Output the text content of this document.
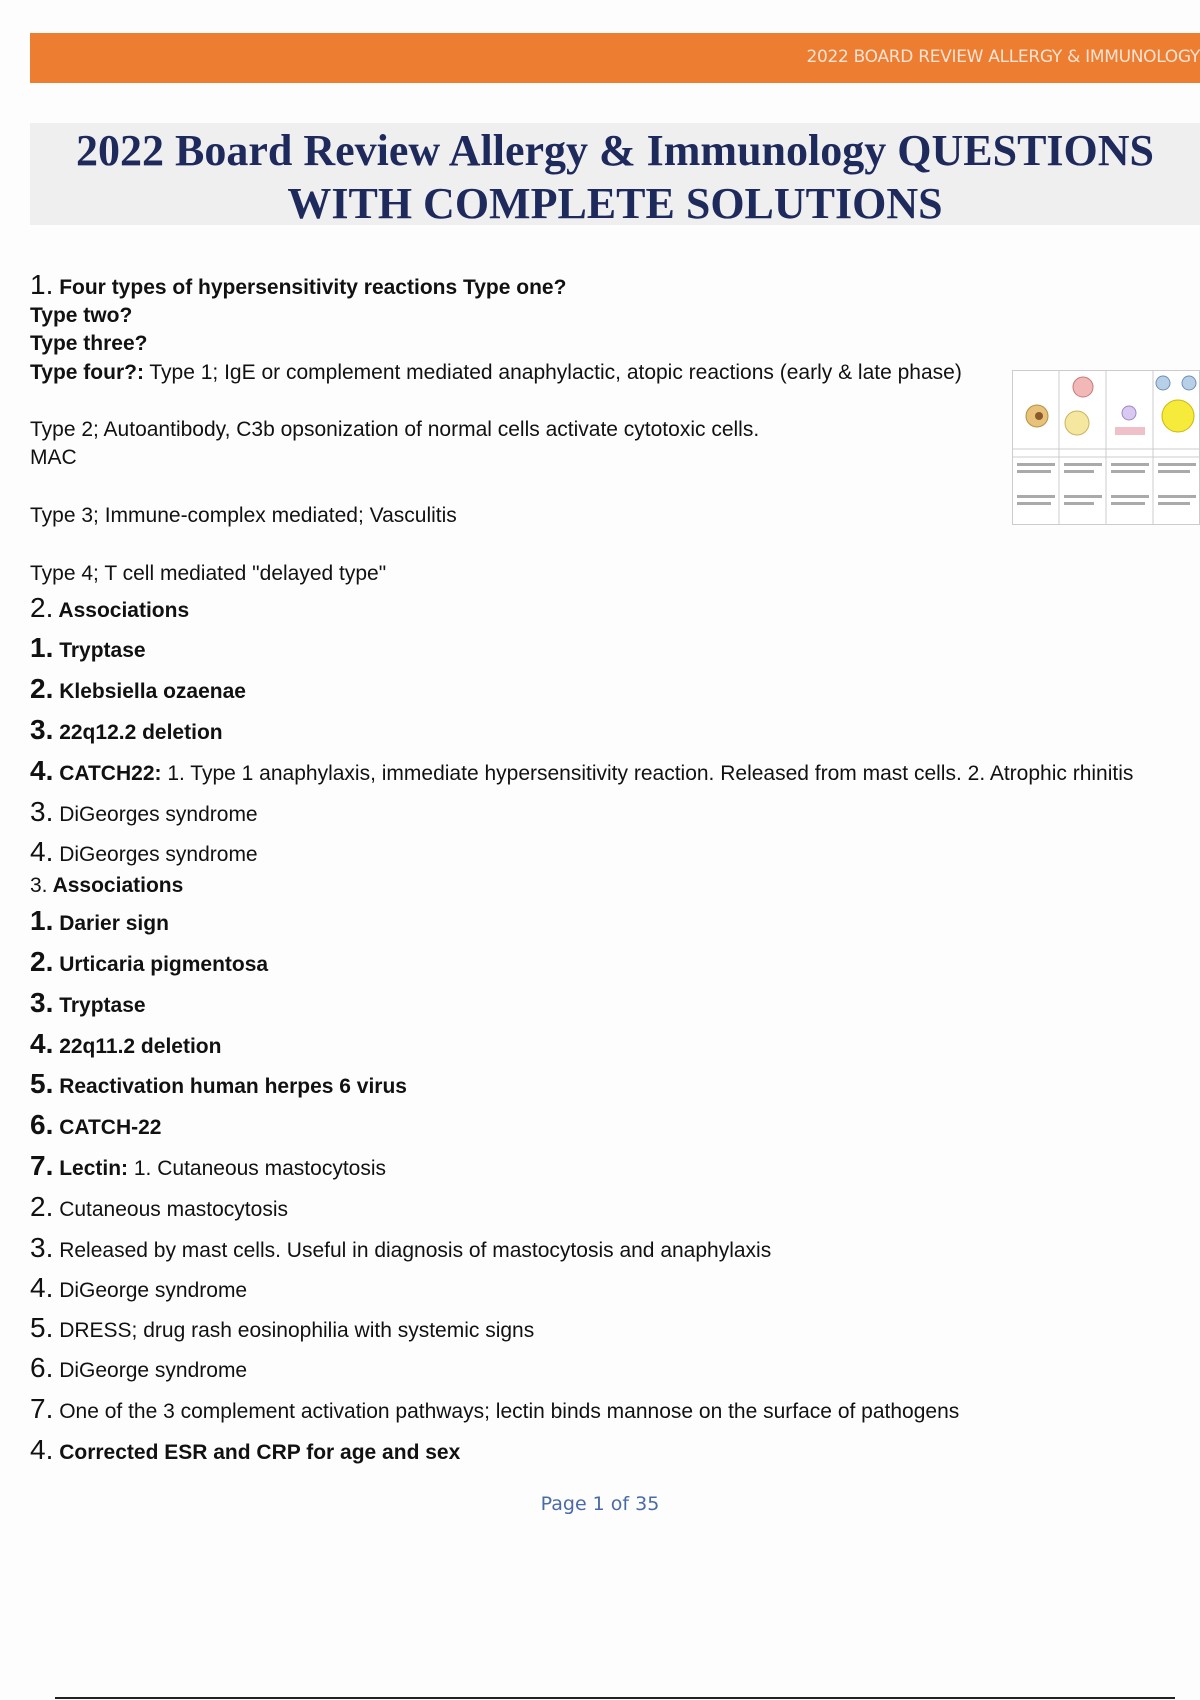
2022 BOARD REVIEW ALLERGY & IMMUNOLOGY

2022 Board Review Allergy & Immunology QUESTIONS

WITH COMPLETE SOLUTIONS

1. Four types of hypersensitivity reactions Type one?

Type two?

Type three?

Type four?: Type 1; IgE or complement mediated anaphylactic, atopic reactions (early & late phase)

Type 2; Autoantibody, C3b opsonization of normal cells activate cytotoxic cells.

MAC

Type 3; Immune-complex mediated; Vasculitis

Type 4; T cell mediated "delayed type"

2. Associations

1. Tryptase

2. Klebsiella ozaenae

3. 22q12.2 deletion

4. CATCH22: 1. Type 1 anaphylaxis, immediate hypersensitivity reaction. Released from mast cells. 2. Atrophic rhinitis

3. DiGeorges syndrome

4. DiGeorges syndrome

3. Associations

1. Darier sign

2. Urticaria pigmentosa

3. Tryptase

4. 22q11.2 deletion

5. Reactivation human herpes 6 virus

6. CATCH-22

7. Lectin: 1. Cutaneous mastocytosis

2. Cutaneous mastocytosis

3. Released by mast cells. Useful in diagnosis of mastocytosis and anaphylaxis

4. DiGeorge syndrome

5. DRESS; drug rash eosinophilia with systemic signs

6. DiGeorge syndrome

7. One of the 3 complement activation pathways; lectin binds mannose on the surface of pathogens

4. Corrected ESR and CRP for age and sex

Page 1 of 35
